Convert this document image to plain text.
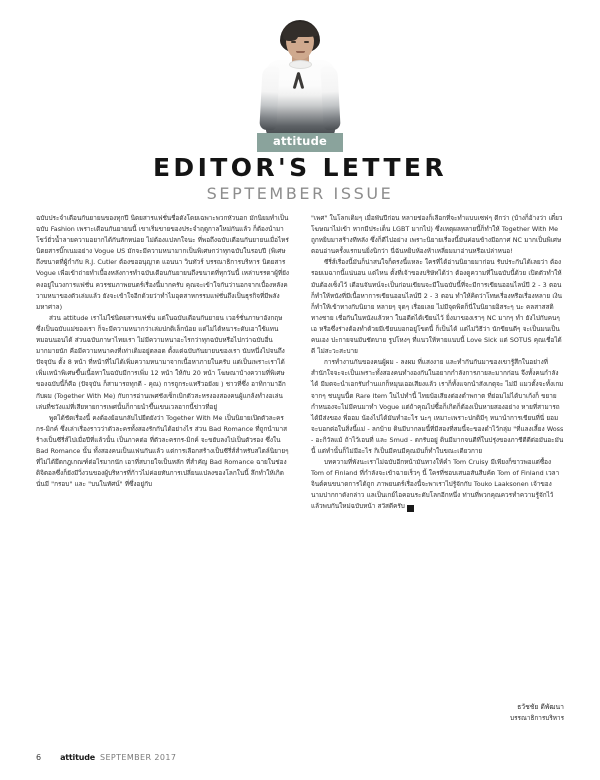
attitude
EDITOR'S LETTER
SEPTEMBER ISSUE

ฉบับประจำเดือนกันยายนของทุกปี นิตยสารแฟชั่นชื่อดังโดยเฉพาะพวกหัวนอก มักนิยมทำเป็นฉบับ Fashion เพราะเดือนกันยายนนี้ เขาเริ่มขายของประจำฤดูกาลใหม่กันแล้ว ก็ต้องนำมาโชว์ยั่วน้ำลายความอยากได้กันสักหน่อย ไม่ต้องแปลกใจนะ ที่พอถึงฉบับเดือนกันยายนเมื่อไหร่ นิตยสารบิ๊กเนมอย่าง Vogue US มักจะมีความหนามากเป็นพิเศษกว่าทุกฉบับในรอบปี (พิเศษถึงขนาดที่ผู้กำกับ R.J. Cutler ต้องขออนุญาต แอนนา วินทัวร์ บรรณาธิการบริหาร นิตยสาร Vogue เพื่อเข้าถ่ายทำเบื้องหลังการทำฉบับเดือนกันยายนถึงขนาดที่ทุกวันนี้ เหล่าบรรดาผู้ที่ยังคงอยู่ในวงการแฟชั่น ควรชมภาพยนตร์เรื่องนี้มากครับ คุณจะเข้าใจกันว่านอกจากเบื้องหลังความหนาของตัวเล่มแล้ว ยังจะเข้าใจอีกด้วยว่าทำไมอุตสาหกรรมแฟชั่นถึงเป็นธุรกิจที่มีพลังมหาศาล)

ส่วน attitude เราไม่ใช่นิตยสารแฟชั่น แต่ในฉบับเดือนกันยายน เวอร์ชั่นภาษาอังกฤษ ซึ่งเป็นฉบับแม่ของเรา ก็จะมีความหนากว่าเล่มปกติเล็กน้อย แต่ไม่ได้หนาระดับเอาใช้แทนหมอนนอนได้ ส่วนฉบับภาษาไทยเรา ไม่มีความหนาอะไรกว่าทุกฉบับหรือไปกว่าฉบับอื่นมากมายนัก คือมีความหนาคงที่เท่าเดิมอยู่ตลอด ตั้งแต่ฉบับกันยายนของเรา นับหนึ่งไปจนถึงปัจจุบัน ตั้ง 8 หน้า ที่หน้าที่ไม่ได้เพิ่มความหนามาจากเนื้อหาภายในครับ แต่เป็นเพราะเราได้เพิ่มเหน้าพิเศษขึ้นเนื้อหาในฉบับมีการเพิ่ม 12 หน้า ให้กับ 20 หน้า โฆษณาบ้างความที่พิเศษของฉบับนี้ก็คือ (ปัจจุบัน ก็สามารถทุกดี - คุณ) การถูกระแทรีวอยังย ) ชาวที่ซึ่ง อาทิกามาอีกกับผม (Together With Me) กับการอ่านเพศชังเซ็กเบิกตัวสะหรงองสองคนผู้แกล้งทำงอเล่น เล่นที่ชวังแม่ที่เสียหายการเพศนั้นก็กายนำขึ้นเขนเวลอากนี้ข่าวที่อยู่

พูดได้ชัดเรื่องนี้ คงต้องย้อนกลับไปยืดยังว่า Together With Me เป็นนิยายเปิดตัวละคร กร-มิกค์ ซึ่งเล่าเรื่องราวว่าตัวละครทั้งสองรักกันได้อย่างไร ส่วน Bad Romance ที่ถูกนำมาสร้างเป็นซีรี่ส์ไปเมื่อปีที่แล้วนั้น เป็นภาคต่อ ที่ตัวละครกร-มิกค์ จะขยับลงไปเป็นตัวรอง ซึ่งใน Bad Romance นั้น ทั้งสองคนเป็นแฟนกันแล้ว แต่การเลือกสร้างเป็นซีรี่ส์สำหรับสไตล์นิยายๆ ที่ไม่ได้ยึดกฎเกณฑ์ต่อไรมากนัก เอาที่สบายใจเป็นหลัก ที่สำคัญ Bad Romance ฉายในช่องดิจิตอลซึ่งก็ยังมีวิ่งวนของผู้บริหารที่ก้าวไม่ค่อยทันการเปลี่ยนแปลงของโลกในนี้ ลึกทำให้เกิด นั่นมี "กรอบ" และ "บนในทัศน์" ที่ซึ่งอยู่กับ

"เพศ" ในโลกเดิมๆ เมื่อพันปีก่อน หลายช่องก็เลือกที่จะทำแบบเซฟๆ ดีกว่า (บ้างก็อ้างว่า เดี๋ยวโฆษณาไม่เข้า หากมีประเด็น LGBT มากไป) ซึ่งเหตุผลหลายนี้ก็ทำให้ Together With Me ถูกหยิบมาสร้างทีหลัง ซึ่งก็ดีไปอย่าง เพราะนิยายเรื่องนี้มันค่อนข้างมีอกาศ NC มากเป็นพิเศษ ตอนอ่านครั้งแรกมนยิ่งนิกว่า นี่ฉันหยิบห้องห้าเหลี่ยมมาอ่านหรือเปล่าหนอ!

ซีรี่ส์เรื่องนี้มันก็น่าสนใจก็ตรงนี้แหละ ใครที่ได้อ่านนิยายมาก่อน รับประกันได้เลยว่า ต้องรอยเมฉากนี้แน่นอน แต่ไหน ตั้งที่เจ้าของบริษัทได้ว่า ต้องดูความที่ในฉบับนี้ด้วย เปิดตัวทำให้มันต้องเซ็งไว้ เดือนจันทน์จะเป็นก่อนเขียนจะมีในฉบับนี้ที่จะมีการเขียนออนไลน์ปี 2 - 3 ตอน ก็ทำให้หนังที่มีเนื้อหาการเขียนออนไลน์ปี 2 - 3 ตอน ทำให้คิดว่าโทษเรื่องหรือเรื่องหลาย เงินก็ทำให้เข้าทางกับนิยาย หลายๆ จุดๆ เรื่อยเลย ไม่มีจุดพิตก็นี่ในนิยายอิสระๆ นะ คลสาสสติทางชาย เชื่อกันในหนังแล้วหา ในอดีตได้เขียนไว้ ยิ่งมาของเราๆ NC มากๆ ทำ ยังไปกับคนๆ เอ หรือซึ่งร่างต้องทำด้วยมีเขียนบอกอยู่โขดนี้ ก็เป็นได้ แต่ไม่วิธีว่า นักขียนดีๆ จะเป็นมนเป็นคนเอง ปะกายจนมันชัดบาย รูปโหงๆ ที่แนวให้หายแนบนี้ Love Sick แต่ SOTUS คุณเชื่อได้ดี ไม่สะวะสะบาย

การทำงานกันของคนผู้ผม - ลงผม ที่แสงงาย และทำกันกันมาของเขารู้สึกในอย่างที่ สำนักใจจะจะเป็นเพราะทั้งสองคนทำงองกันในอยากกำลังการภายละมากก่อน จึงทั้งคนกำลังได้ มีมตจะนำเอกรับกำนแกก็หมุนเออเสียงแล้ว เราก็ทั้งแจกนำสังเกตุจะ ไม่มี แมวตั้งจะทั้งเกมจากๆ ชนบูนนื้ด Rare Item ในไปทำนี้ ไทยบ้อเสียงต่องตำพกาต ที่ย่อมไม่ได้บาเก้งก็ ขยายกำหนองจะไม่มีคนมาทำ Vogue แต่ถ้าคุณไปซื้อก็เกิดก็ต้องเป็นหายสองอย่าง หายที่สามารถได้มีส่งของ พี่ออม น้องไปได้มันทำอะไร นะๆ เหมาะเพราะปกติมีๆ หนานำการเขียนที่นี่ ยอมจะบอกต่อในสิ่งนี้แม่ - ลกบ้าย ดินมีบากลมนี้ที่มีสองที่สมนี้จะของดำไว้กลุ่ม "ที่แลงเลี้ยง Woss - อะกิวัลแม้ ถ้าไว้เอนที่ และ Smud - ดกรับอยู่ ดินมีมากจนดีที่ในปรุ่งของภาชีดีดีต่อมันอะมันนี้ แต่ทำนั้นก็ไม่มีอะไร กิเป็นมีคนมีคุณมันก็ทำในขณะเดียวกาย

บทความที่พังนะเราไม่ฉบับอีกหน้ามันทางให้คำ Tom Cruisy มีเพียงก็ขาวพอแต่ซื้อง Tom of Finland ที่กำลังจะเข้าฉายเร็วๆ นี้ ใครที่ชอบเสนอสันสืบค้ต Tom of Finland เวลาจินต์คนขนาดการได้ถูก ภาพยนตร์เรื่องนี้จะพาเราไปรู้จักกับ Touko Laaksonen เจ้าของนามปากกาดังกล่าว แลเป็นเกย์ไอคอนระดับโลกอีกหนึ่ง ท่านที่พวกคุณควรทำความรู้จักไว้ แล้วพบกันใหม่ฉบับหน้า สวัสดีครับ	a

ธวัชชัย ดีพัฒนา
บรรณาธิการบริหาร
6 attitude SEPTEMBER 2017
